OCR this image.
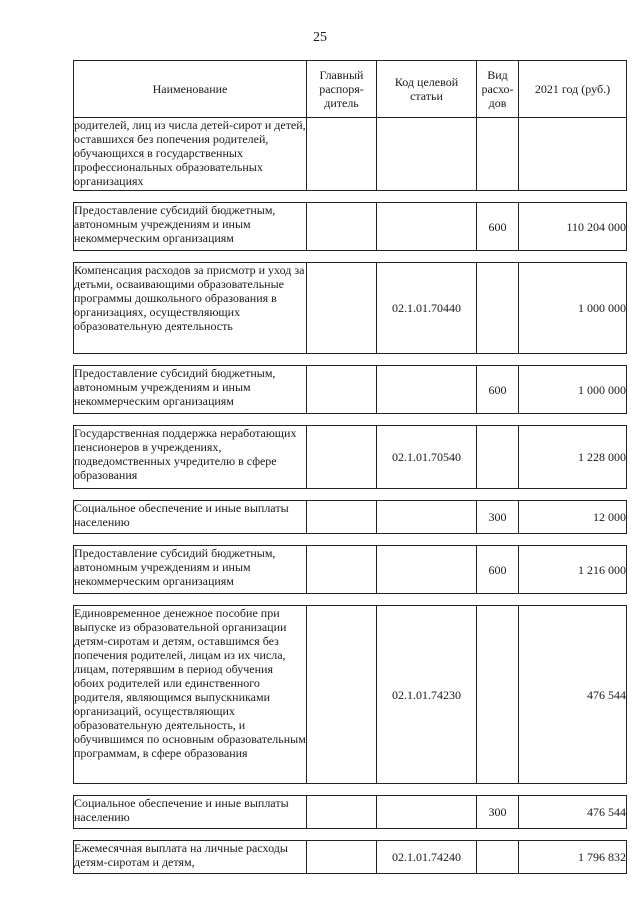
25
Наименование	Главный распоря-дитель	Код целевой статьи	Вид расхо-дов	2021 год (руб.)
родителей, лиц из числа детей-сирот и детей, оставшихся без попечения родителей, обучающихся в государственных профессиональных образовательных организациях				

Предоставление субсидий бюджетным, автономным учреждениям и иным некоммерческим организациям			600	110 204 000

Компенсация расходов за присмотр и уход за детьми, осваивающими образовательные программы дошкольного образования в организациях, осуществляющих образовательную деятельность		02.1.01.70440		1 000 000

Предоставление субсидий бюджетным, автономным учреждениям и иным некоммерческим организациям			600	1 000 000

Государственная поддержка неработающих пенсионеров в учреждениях, подведомственных учредителю в сфере образования		02.1.01.70540		1 228 000

Социальное обеспечение и иные выплаты населению			300	12 000

Предоставление субсидий бюджетным, автономным учреждениям и иным некоммерческим организациям			600	1 216 000

Единовременное денежное пособие при выпуске из образовательной организации детям-сиротам и детям, оставшимся без попечения родителей, лицам из их числа, лицам, потерявшим в период обучения обоих родителей или единственного родителя, являющимся выпускниками организаций, осуществляющих образовательную деятельность, и обучившимся по основным образовательным программам, в сфере образования		02.1.01.74230		476 544

Социальное обеспечение и иные выплаты населению			300	476 544

Ежемесячная выплата на личные расходы детям-сиротам и детям,		02.1.01.74240		1 796 832
